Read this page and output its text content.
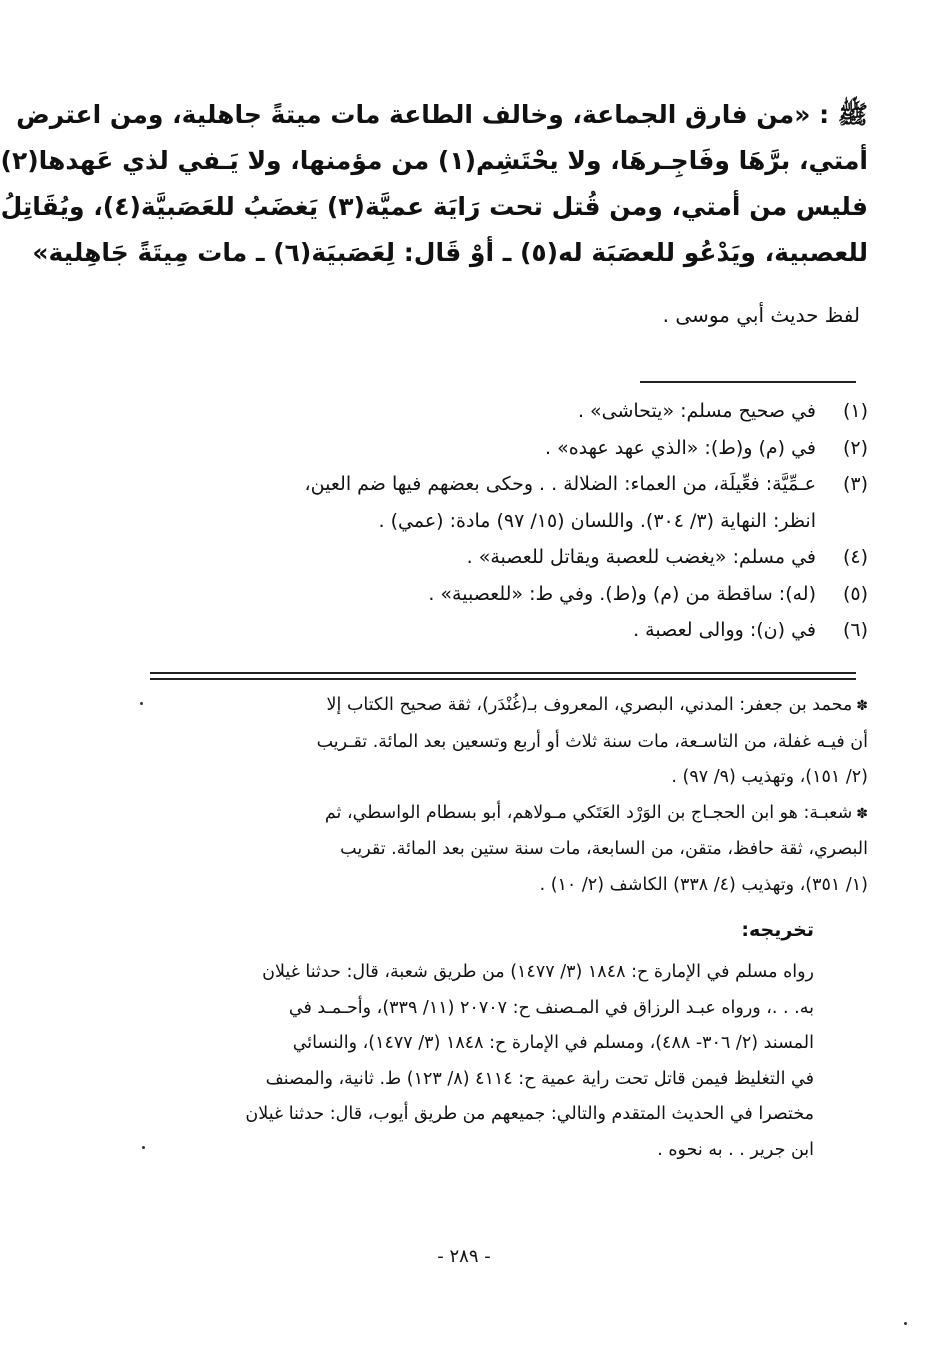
ﷺ : «من فارق الجماعة، وخالف الطاعة مات ميتةً جاهلية، ومن اعترض
أمتي، برَّهَا وفَاجِـرهَا، ولا يحْتَشِم(١) من مؤمنها، ولا يَـفي لذي عَهدها(٢)
فليس من أمتي، ومن قُتل تحت رَايَة عميَّة(٣) يَغضَبُ للعَصَبيَّة(٤)، ويُقَاتِلُ
للعصبية، ويَدْعُو للعصَبَة له(٥) ـ أوْ قَال: لِعَصَبيَة(٦) ـ مات مِيتَةً جَاهِلية»
لفظ حديث أبي موسى .
(١)
في صحيح مسلم: «يتحاشى» .
(٢)
في (م) و(ط): «الذي عهد عهده» .
(٣)
عـمِّيَّة: فعِّيلَة، من العماء: الضلالة . . وحكى بعضهم فيها ضم العين،
انظر: النهاية (٣/ ٣٠٤). واللسان (١٥/ ٩٧) مادة: (عمي) .
(٤)
في مسلم: «يغضب للعصبة ويقاتل للعصبة» .
(٥)
(له): ساقطة من (م) و(ط). وفي ط: «للعصبية» .
(٦)
في (ن): ووالى لعصبة .
✽محمد بن جعفر: المدني، البصري، المعروف بـ(غُنْدَر)، ثقة صحيح الكتاب إلا
أن فيـه غفلة، من التاسـعة، مات سنة ثلاث أو أربع وتسعين بعد المائة. تقـريب
(٢/ ١٥١)، وتهذيب (٩/ ٩٧) .
✽شعبـة: هو ابن الحجـاج بن الوَرْد العَتَكي مـولاهم، أبو بسطام الواسطي، ثم
البصري، ثقة حافظ، متقن، من السابعة، مات سنة ستين بعد المائة. تقريب
(١/ ٣٥١)، وتهذيب (٤/ ٣٣٨) الكاشف (٢/ ١٠) .
تخريجه:
رواه مسلم في الإمارة ح: ١٨٤٨ (٣/ ١٤٧٧) من طريق شعبة، قال: حدثنا غيلان
به. . .، ورواه عبـد الرزاق في المـصنف ح: ٢٠٧٠٧ (١١/ ٣٣٩)، وأحـمـد في
المسند (٢/ ٣٠٦- ٤٨٨)، ومسلم في الإمارة ح: ١٨٤٨ (٣/ ١٤٧٧)، والنسائي
في التغليظ فيمن قاتل تحت راية عمية ح: ٤١١٤ (٨/ ١٢٣) ط. ثانية، والمصنف
مختصرا في الحديث المتقدم والتالي: جميعهم من طريق أيوب، قال: حدثنا غيلان
ابن جرير . . به نحوه .
- ٢٨٩ -
